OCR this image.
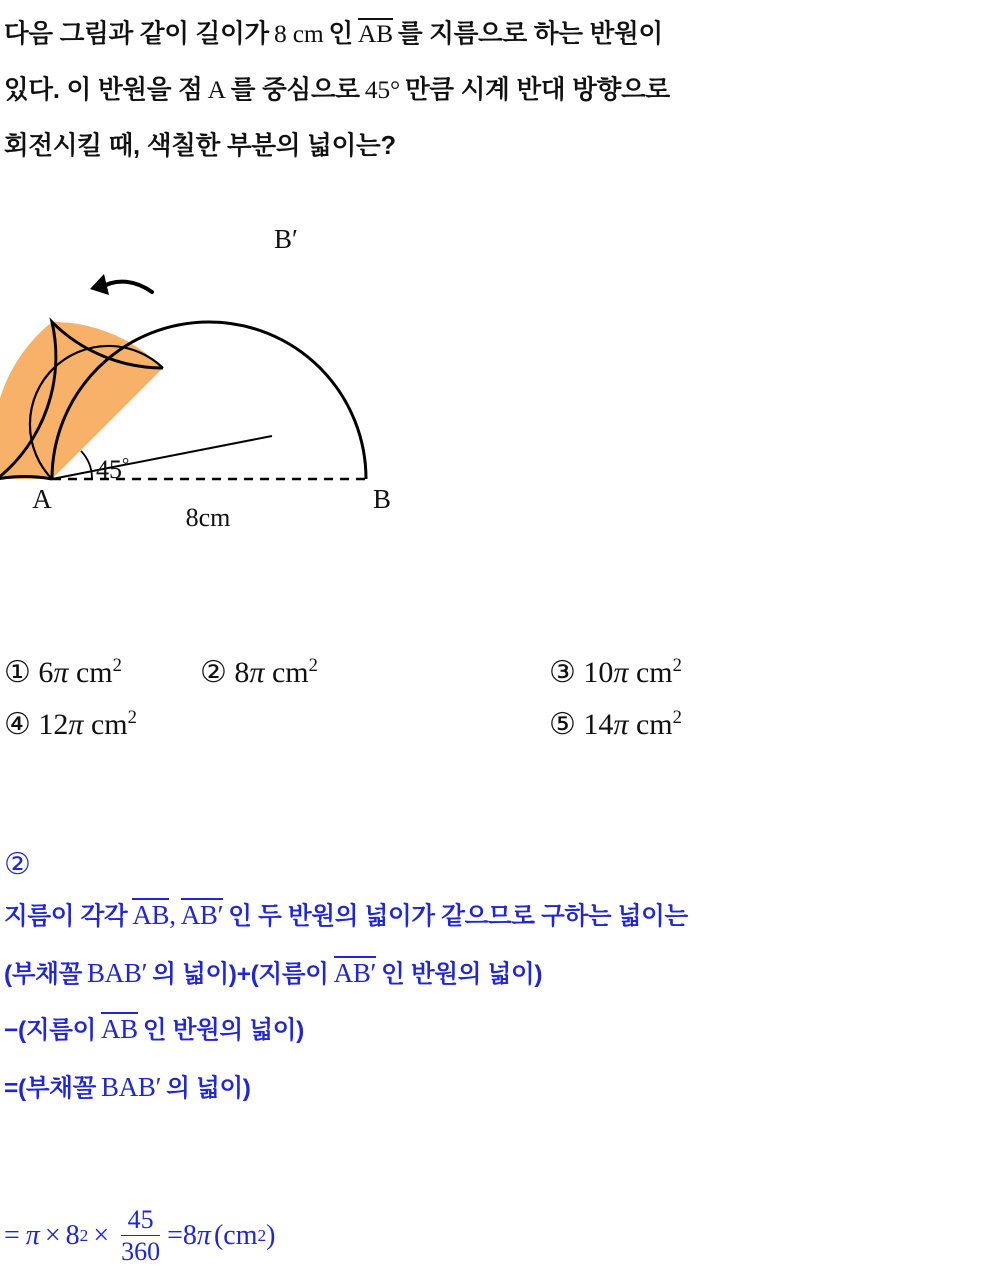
다음 그림과 같이 길이가 8 cm 인 AB 를 지름으로 하는 반원이
있다. 이 반원을 점 A 를 중심으로 45° 만큼 시계 반대 방향으로
회전시킬 때, 색칠한 부분의 넓이는?
A	B
B′
45°
8cm
① 6π $cm^2$	② 8π $cm^2$	③ 10π $cm^2$
④ 12π $cm^2$	⑤ 14π $cm^2$
②
지름이 각각 AB, AB′ 인 두 반원의 넓이가 같으므로 구하는 넓이는
(부채꼴 BAB′ 의 넓이)+(지름이 AB′ 인 반원의 넓이)
−(지름이 AB 인 반원의 넓이)
=(부채꼴 BAB′ 의 넓이)
= π × 8 $2 \times \frac{45}{360} = 8$ π ( cm 2 )
